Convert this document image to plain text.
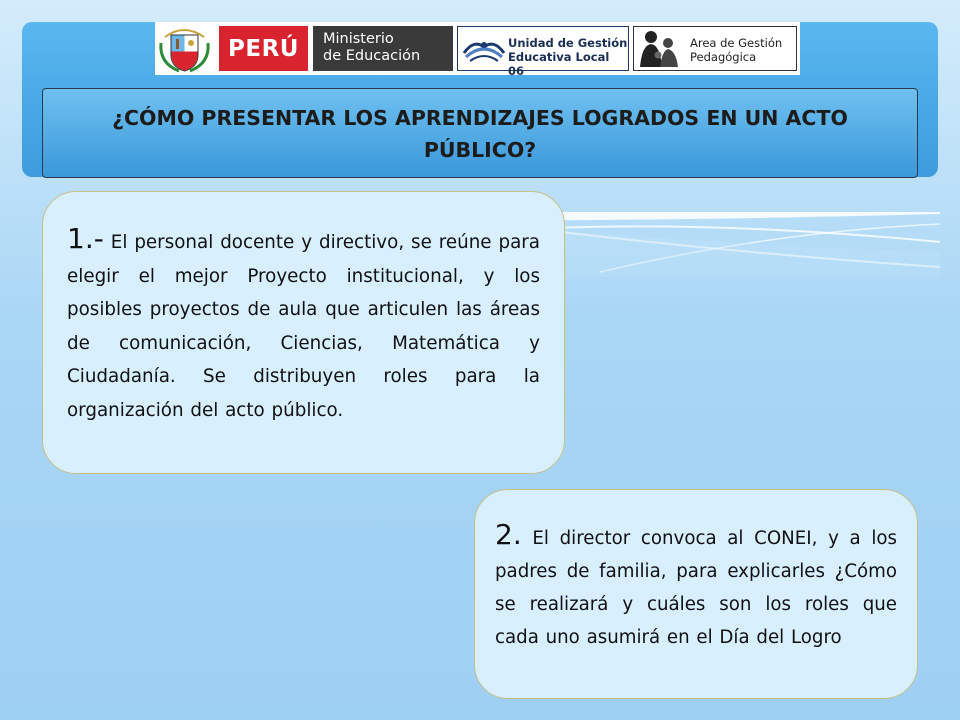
PERÚ	Ministerio
de Educación
Unidad de Gestión
Educativa Local 06
Area de Gestión
Pedagógica
¿CÓMO PRESENTAR LOS APRENDIZAJES LOGRADOS EN UN ACTO PÚBLICO?

1.- El personal docente y directivo, se reúne para elegir el mejor Proyecto institucional, y los posibles proyectos de aula que articulen las áreas de comunicación, Ciencias, Matemática y Ciudadanía. Se distribuyen roles para la organización del acto público.

2. El director convoca al CONEI, y a los padres de familia, para explicarles ¿Cómo se realizará y cuáles son los roles que cada uno asumirá en el Día del Logro
